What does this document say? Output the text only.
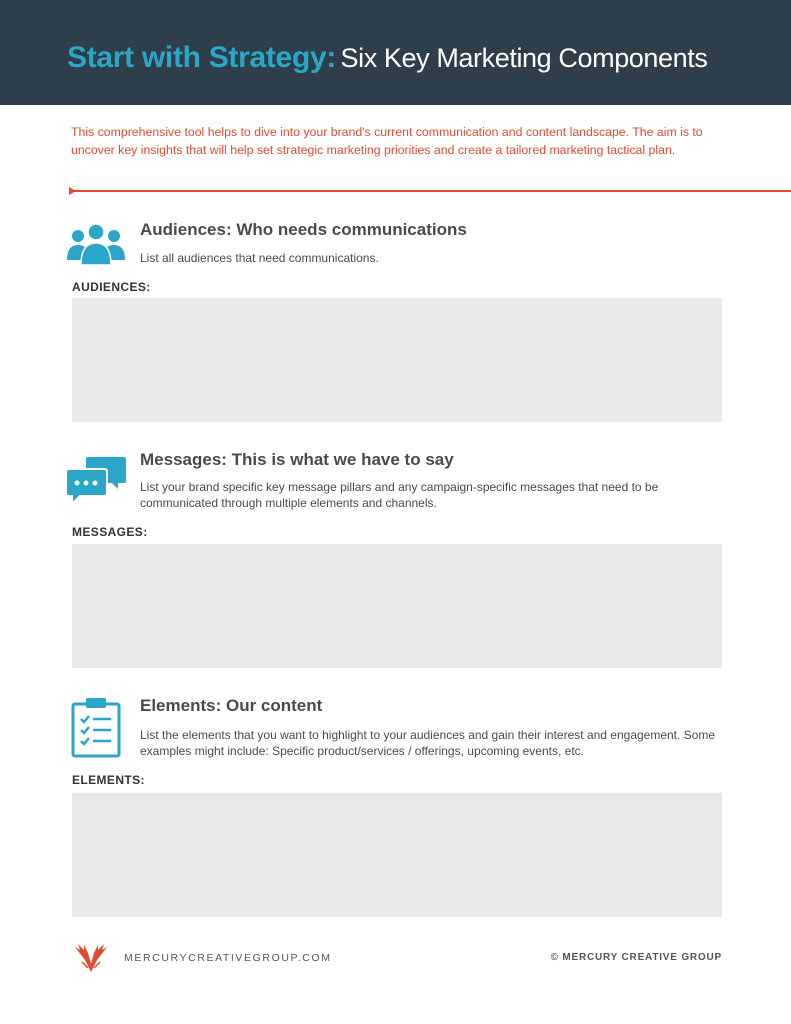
Start with Strategy: Six Key Marketing Components
This comprehensive tool helps to dive into your brand's current communication and content landscape. The aim is to uncover key insights that will help set strategic marketing priorities and create a tailored marketing tactical plan.
Audiences: Who needs communications
List all audiences that need communications.
AUDIENCES:
Messages: This is what we have to say
List your brand specific key message pillars and any campaign-specific messages that need to be communicated through multiple elements and channels.
MESSAGES:
Elements: Our content
List the elements that you want to highlight to your audiences and gain their interest and engagement. Some examples might include: Specific product/services / offerings, upcoming events, etc.
ELEMENTS:
MERCURYCREATIVEGROUP.COM	© MERCURY CREATIVE GROUP
